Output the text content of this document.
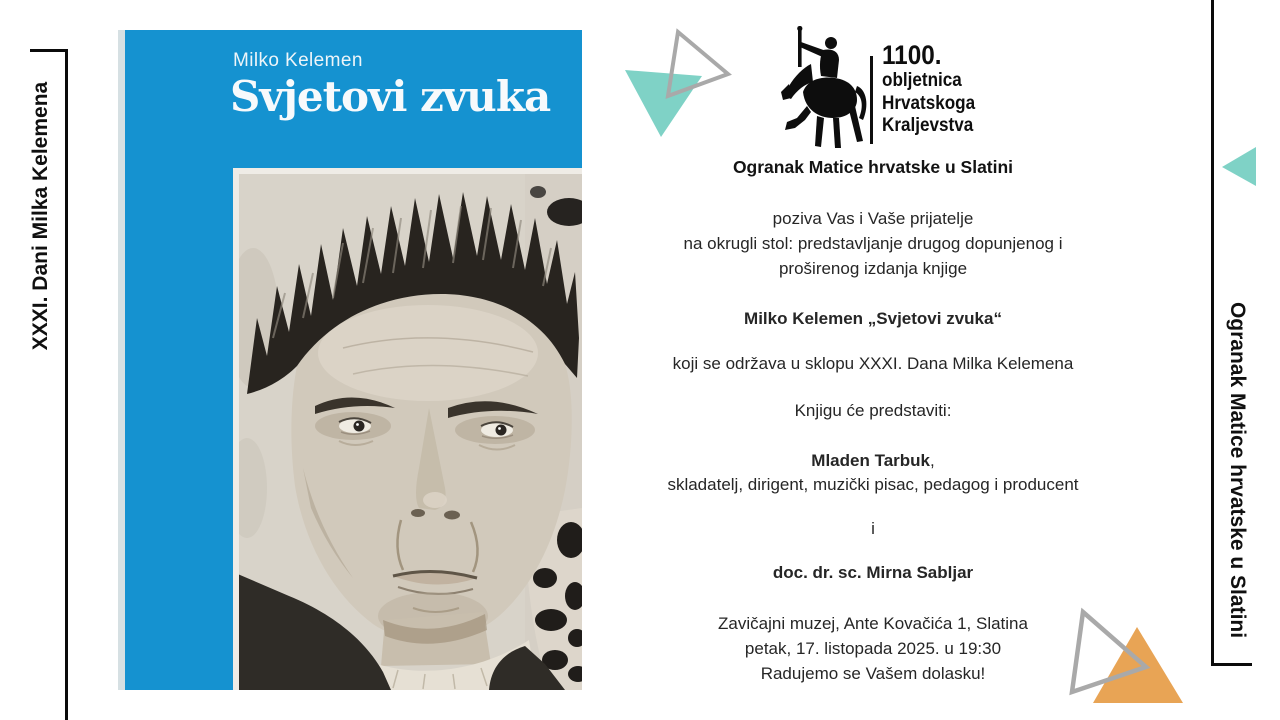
XXXI. Dani Milka Kelemena
Ogranak Matice hrvatske u Slatini
Milko Kelemen
Svjetovi zvuka
1100.
obljetnica
Hrvatskoga
Kraljevstva
Ogranak Matice hrvatske u Slatini
poziva Vas i Vaše prijatelje
na okrugli stol: predstavljanje drugog dopunjenog i
proširenog izdanja knjige
Milko Kelemen „Svjetovi zvuka“
koji se održava u sklopu XXXI. Dana Milka Kelemena
Knjigu će predstaviti:
Mladen Tarbuk,
skladatelj, dirigent, muzički pisac, pedagog i producent
i
doc. dr. sc. Mirna Sabljar
Zavičajni muzej, Ante Kovačića 1, Slatina
petak, 17. listopada 2025. u 19:30
Radujemo se Vašem dolasku!
